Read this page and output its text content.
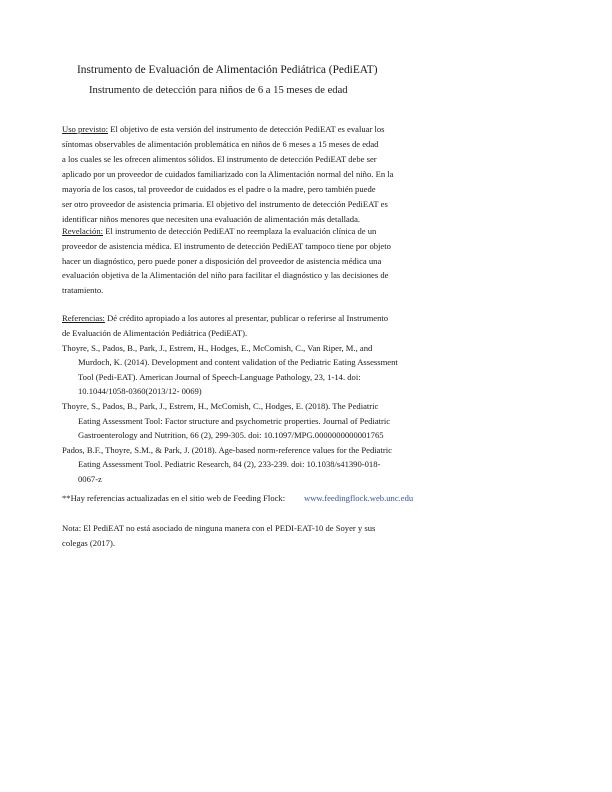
Instrumento de Evaluación de Alimentación Pediátrica (PediEAT)
Instrumento de detección para niños de 6 a 15 meses de edad
Uso previsto: El objetivo de esta versión del instrumento de detección PediEAT es evaluar los
síntomas observables de alimentación problemática en niños de 6 meses a 15 meses de edad
a los cuales se les ofrecen alimentos sólidos. El instrumento de detección PediEAT debe ser
aplicado por un proveedor de cuidados familiarizado con la Alimentación normal del niño. En la
mayoría de los casos, tal proveedor de cuidados es el padre o la madre, pero también puede
ser otro proveedor de asistencia primaria. El objetivo del instrumento de detección PediEAT es
identificar niños menores que necesiten una evaluación de alimentación más detallada.
Revelación: El instrumento de detección PediEAT no reemplaza la evaluación clínica de un
proveedor de asistencia médica. El instrumento de detección PediEAT tampoco tiene por objeto
hacer un diagnóstico, pero puede poner a disposición del proveedor de asistencia médica una
evaluación objetiva de la Alimentación del niño para facilitar el diagnóstico y las decisiones de
tratamiento.
Referencias: Dé crédito apropiado a los autores al presentar, publicar o referirse al Instrumento
de Evaluación de Alimentación Pediátrica (PediEAT).
Thoyre, S., Pados, B., Park, J., Estrem, H., Hodges, E., McComish, C., Van Riper, M., and
Murdoch, K. (2014). Development and content validation of the Pediatric Eating Assessment
Tool (Pedi-EAT). American Journal of Speech-Language Pathology, 23, 1-14. doi:
10.1044/1058-0360(2013/12- 0069)
Thoyre, S., Pados, B., Park, J., Estrem, H., McComish, C., Hodges, E. (2018). The Pediatric
Eating Assessment Tool: Factor structure and psychometric properties. Journal of Pediatric
Gastroenterology and Nutrition, 66 (2), 299-305. doi: 10.1097/MPG.0000000000001765
Pados, B.F., Thoyre, S.M., & Park, J. (2018). Age-based norm-reference values for the Pediatric
Eating Assessment Tool. Pediatric Research, 84 (2), 233-239. doi: 10.1038/s41390-018-
0067-z
**Hay referencias actualizadas en el sitio web de Feeding Flock: www.feedingflock.web.unc.edu
Nota: El PediEAT no está asociado de ninguna manera con el PEDI-EAT-10 de Soyer y sus
colegas (2017).
